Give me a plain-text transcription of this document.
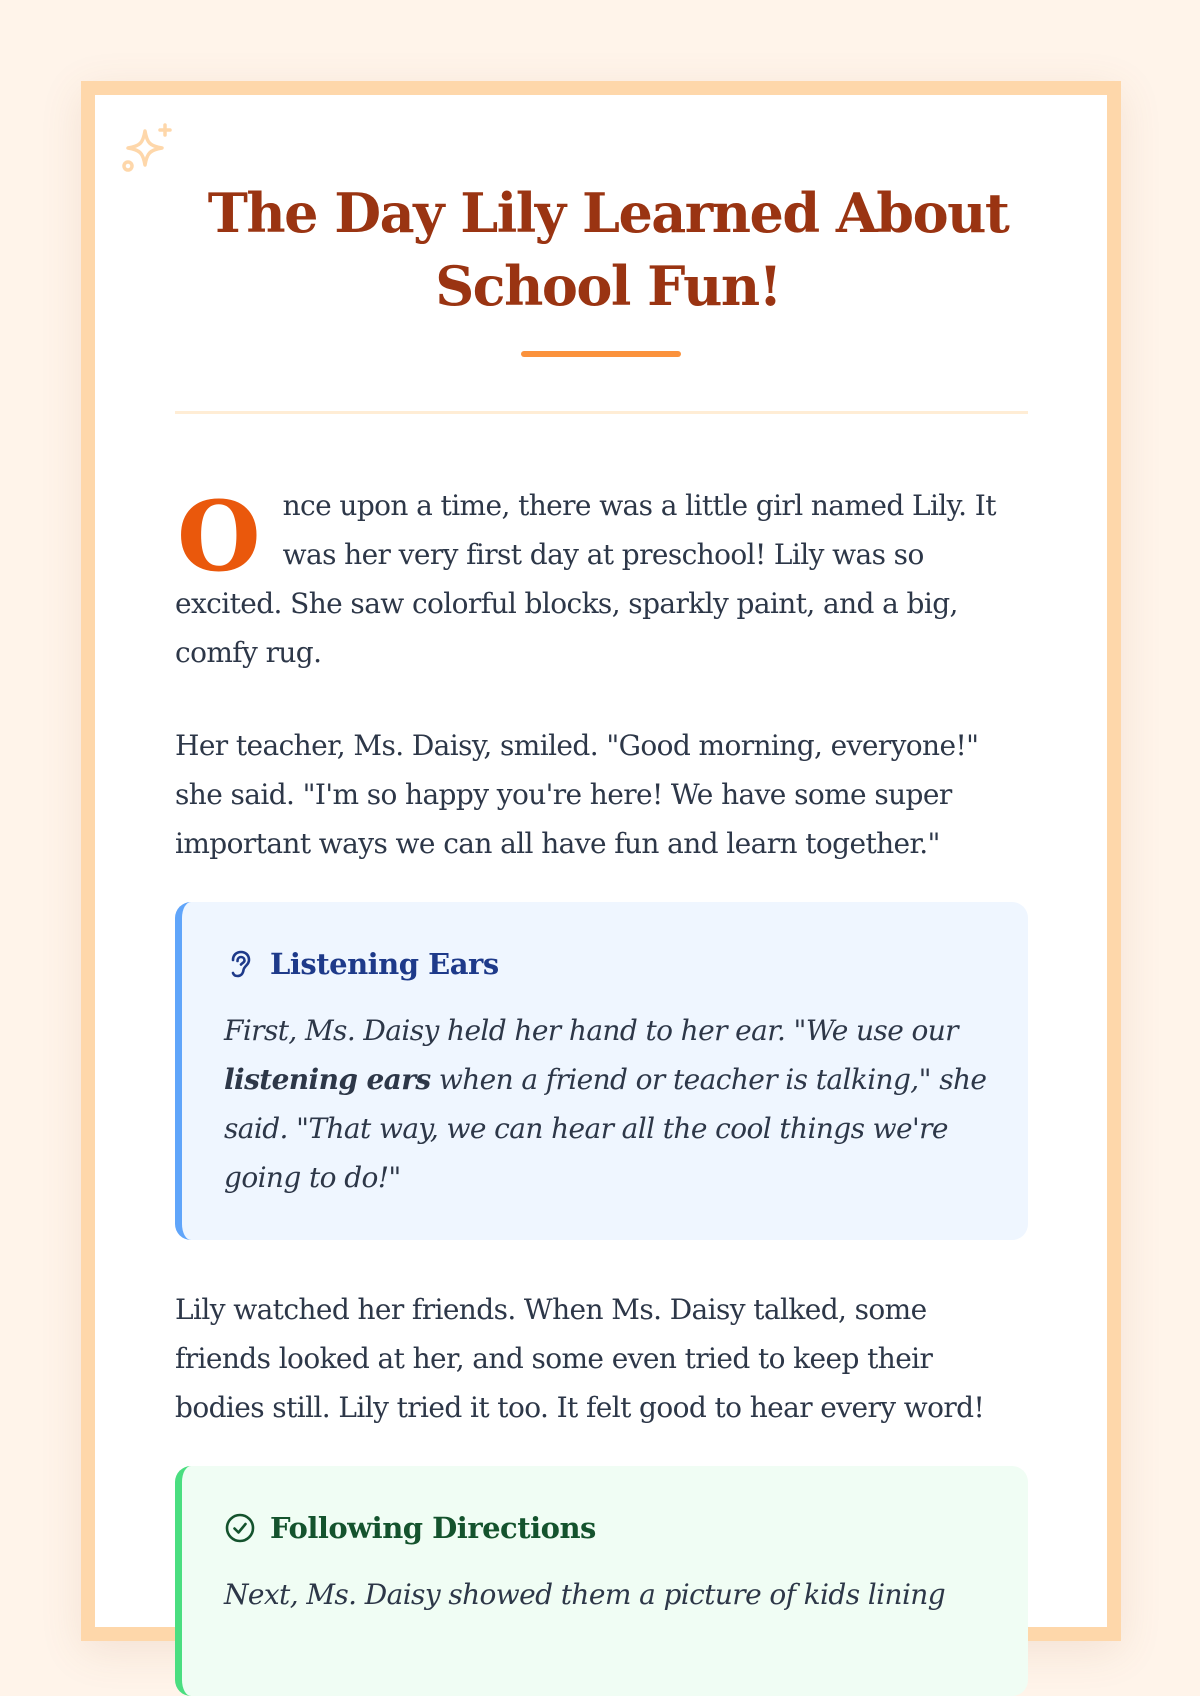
The Day Lily Learned About School Fun!

Once upon a time, there was a little girl named Lily. It was her very first day at preschool! Lily was so excited. She saw colorful blocks, sparkly paint, and a big, comfy rug.

Her teacher, Ms. Daisy, smiled. "Good morning, everyone!" she said. "I'm so happy you're here! We have some super important ways we can all have fun and learn together."

Listening Ears

First, Ms. Daisy held her hand to her ear. "We use our listening ears when a friend or teacher is talking," she said. "That way, we can hear all the cool things we're going to do!"

Lily watched her friends. When Ms. Daisy talked, some friends looked at her, and some even tried to keep their bodies still. Lily tried it too. It felt good to hear every word!

Following Directions

Next, Ms. Daisy showed them a picture of kids lining
